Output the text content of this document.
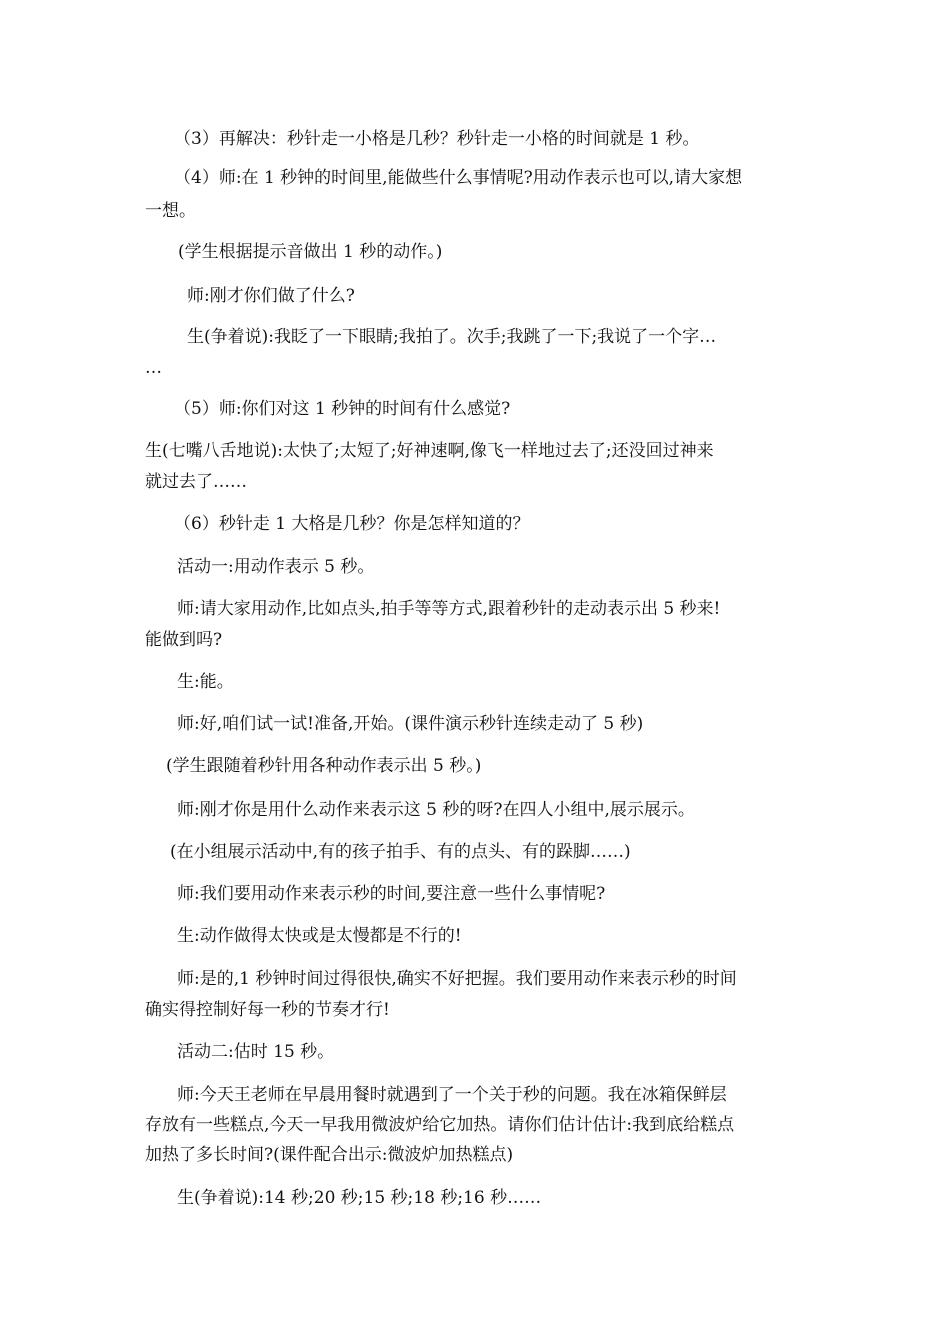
（3）再解决：秒针走一小格是几秒？秒针走一小格的时间就是 1 秒。
（4）师:在 1 秒钟的时间里,能做些什么事情呢?用动作表示也可以,请大家想
一想。
(学生根据提示音做出 1 秒的动作。)
师:刚才你们做了什么?
生(争着说):我眨了一下眼睛;我拍了。次手;我跳了一下;我说了一个字…
…
（5）师:你们对这 1 秒钟的时间有什么感觉?
生(七嘴八舌地说):太快了;太短了;好神速啊,像飞一样地过去了;还没回过神来
就过去了……
（6）秒针走 1 大格是几秒？你是怎样知道的？
活动一:用动作表示 5 秒。
师:请大家用动作,比如点头,拍手等等方式,跟着秒针的走动表示出 5 秒来!
能做到吗?
生:能。
师:好,咱们试一试!准备,开始。(课件演示秒针连续走动了 5 秒)
(学生跟随着秒针用各种动作表示出 5 秒。)
师:刚才你是用什么动作来表示这 5 秒的呀?在四人小组中,展示展示。
(在小组展示活动中,有的孩子拍手、有的点头、有的跺脚……)
师:我们要用动作来表示秒的时间,要注意一些什么事情呢?
生:动作做得太快或是太慢都是不行的!
师:是的,1 秒钟时间过得很快,确实不好把握。我们要用动作来表示秒的时间
确实得控制好每一秒的节奏才行!
活动二:估时 15 秒。
师:今天王老师在早晨用餐时就遇到了一个关于秒的问题。我在冰箱保鲜层
存放有一些糕点,今天一早我用微波炉给它加热。请你们估计估计:我到底给糕点
加热了多长时间?(课件配合出示:微波炉加热糕点)
生(争着说):14 秒;20 秒;15 秒;18 秒;16 秒……
